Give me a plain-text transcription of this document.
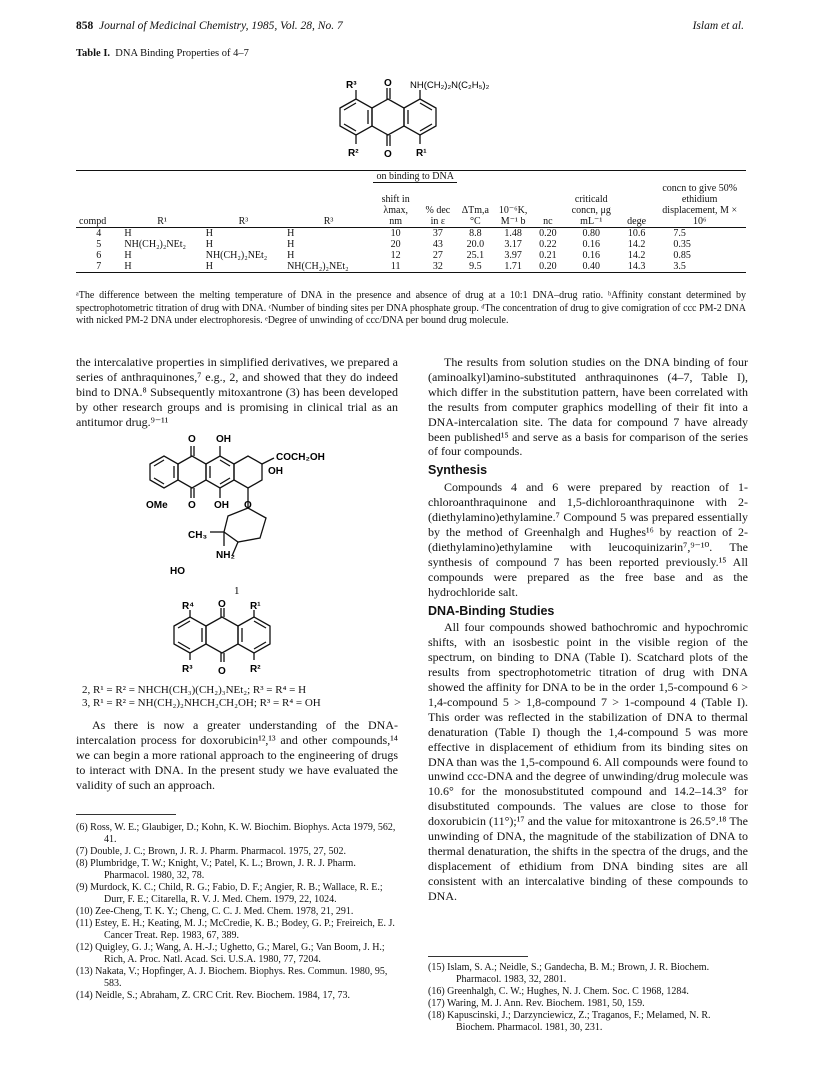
858 Journal of Medicinal Chemistry, 1985, Vol. 28, No. 7	Islam et al.
Table I. DNA Binding Properties of 4–7
R³	O NH(CH₂)₂N(C₂H₅)₂
R²	O R¹
				on binding to DNA							

compd	R¹	R³	R³	shift in λmax, nm	% dec in ε	ΔTm,a °C	10⁻⁶K, M⁻¹ b	nc	criticald concn, μg mL⁻¹	dege	concn to give 50% ethidium displacement, M × 10⁶
4	H	H	H	10	37	8.8	1.48	0.20	0.80	10.6	7.5
5	NH(CH₂)₂NEt₂	H	H	20	43	20.0	3.17	0.22	0.16	14.2	0.35
6	H	NH(CH₂)₂NEt₂	H	12	27	25.1	3.97	0.21	0.16	14.2	0.85
7	H	H	NH(CH₂)₂NEt₂	11	32	9.5	1.71	0.20	0.40	14.3	3.5
ᵃThe difference between the melting temperature of DNA in the presence and absence of drug at a 10:1 DNA–drug ratio. ᵇAffinity constant determined by spectrophotometric titration of drug with DNA. ᶜNumber of binding sites per DNA phosphate group. ᵈThe concentration of drug to give comigration of ccc PM-2 DNA with nicked PM-2 DNA under electrophoresis. ᵉDegree of unwinding of ccc/DNA per bound drug molecule.

the intercalative properties in simplified derivatives, we prepared a series of anthraquinones,⁷ e.g., 2, and showed that they do indeed bind to DNA.⁸ Subsequently mitoxantrone (3) has been developed by other research groups and is promising in clinical trial as an antitumor drug.⁹⁻¹¹

O OH
COCH₂OH
OH
OMe O OH O
CH₃
NH₂
HO
1
R⁴ O R¹
R³	O R²
2, R¹ = R² = NHCH(CH₃)(CH₂)₃NEt₂; R³ = R⁴ = H
3, R¹ = R² = NH(CH₂)₂NHCH₂CH₂OH; R³ = R⁴ = OH

As there is now a greater understanding of the DNA-intercalation process for doxorubicin¹²,¹³ and other compounds,¹⁴ we can begin a more rational approach to the engineering of drugs to interact with DNA. In the present study we have evaluated the validity of such an approach.

(6) Ross, W. E.; Glaubiger, D.; Kohn, K. W. Biochim. Biophys. Acta 1979, 562, 41.

(7) Double, J. C.; Brown, J. R. J. Pharm. Pharmacol. 1975, 27, 502.

(8) Plumbridge, T. W.; Knight, V.; Patel, K. L.; Brown, J. R. J. Pharm. Pharmacol. 1980, 32, 78.

(9) Murdock, K. C.; Child, R. G.; Fabio, D. F.; Angier, R. B.; Wallace, R. E.; Durr, F. E.; Citarella, R. V. J. Med. Chem. 1979, 22, 1024.

(10) Zee-Cheng, T. K. Y.; Cheng, C. C. J. Med. Chem. 1978, 21, 291.

(11) Estey, E. H.; Keating, M. J.; McCredie, K. B.; Bodey, G. P.; Freireich, E. J. Cancer Treat. Rep. 1983, 67, 389.

(12) Quigley, G. J.; Wang, A. H.-J.; Ughetto, G.; Marel, G.; Van Boom, J. H.; Rich, A. Proc. Natl. Acad. Sci. U.S.A. 1980, 77, 7204.

(13) Nakata, V.; Hopfinger, A. J. Biochem. Biophys. Res. Commun. 1980, 95, 583.

(14) Neidle, S.; Abraham, Z. CRC Crit. Rev. Biochem. 1984, 17, 73.

The results from solution studies on the DNA binding of four (aminoalkyl)amino-substituted anthraquinones (4–7, Table I), which differ in the substitution pattern, have been correlated with the results from computer graphics modelling of their fit into a DNA-intercalation site. The data for compound 7 have already been published¹⁵ and serve as a basis for comparison of the series of four compounds.

Synthesis

Compounds 4 and 6 were prepared by reaction of 1-chloroanthraquinone and 1,5-dichloroanthraquinone with 2-(diethylamino)ethylamine.⁷ Compound 5 was prepared essentially by the method of Greenhalgh and Hughes¹⁶ by reaction of 2-(diethylamino)ethylamine with leucoquinizarin⁷,⁹⁻¹⁰. The synthesis of compound 7 has been reported previously.¹⁵ All compounds were prepared as the free base and as the hydrochloride salt.

DNA-Binding Studies

All four compounds showed bathochromic and hypochromic shifts, with an isosbestic point in the visible region of the spectrum, on binding to DNA (Table I). Scatchard plots of the results from spectrophotometric titration of drug with DNA showed the affinity for DNA to be in the order 1,5-compound 6 > 1,4-compound 5 > 1,8-compound 7 > 1-compound 4 (Table I). This order was reflected in the stabilization of DNA to thermal denaturation (Table I) though the 1,4-compound 5 was more effective in displacement of ethidium from its binding sites on DNA than was the 1,5-compound 6. All compounds were found to unwind ccc-DNA and the degree of unwinding/drug molecule was 10.6° for the monosubstituted compound and 14.2–14.3° for disubstituted compounds. The values are close to those for doxorubicin (11°);¹⁷ and the value for mitoxantrone is 26.5°.¹⁸ The unwinding of DNA, the magnitude of the stabilization of DNA to thermal denaturation, the shifts in the spectra of the drugs, and the displacement of ethidium from DNA binding sites are all consistent with an intercalative binding of these compounds to DNA.

(15) Islam, S. A.; Neidle, S.; Gandecha, B. M.; Brown, J. R. Biochem. Pharmacol. 1983, 32, 2801.

(16) Greenhalgh, C. W.; Hughes, N. J. Chem. Soc. C 1968, 1284.

(17) Waring, M. J. Ann. Rev. Biochem. 1981, 50, 159.

(18) Kapuscinski, J.; Darzynciewicz, Z.; Traganos, F.; Melamed, N. R. Biochem. Pharmacol. 1981, 30, 231.
